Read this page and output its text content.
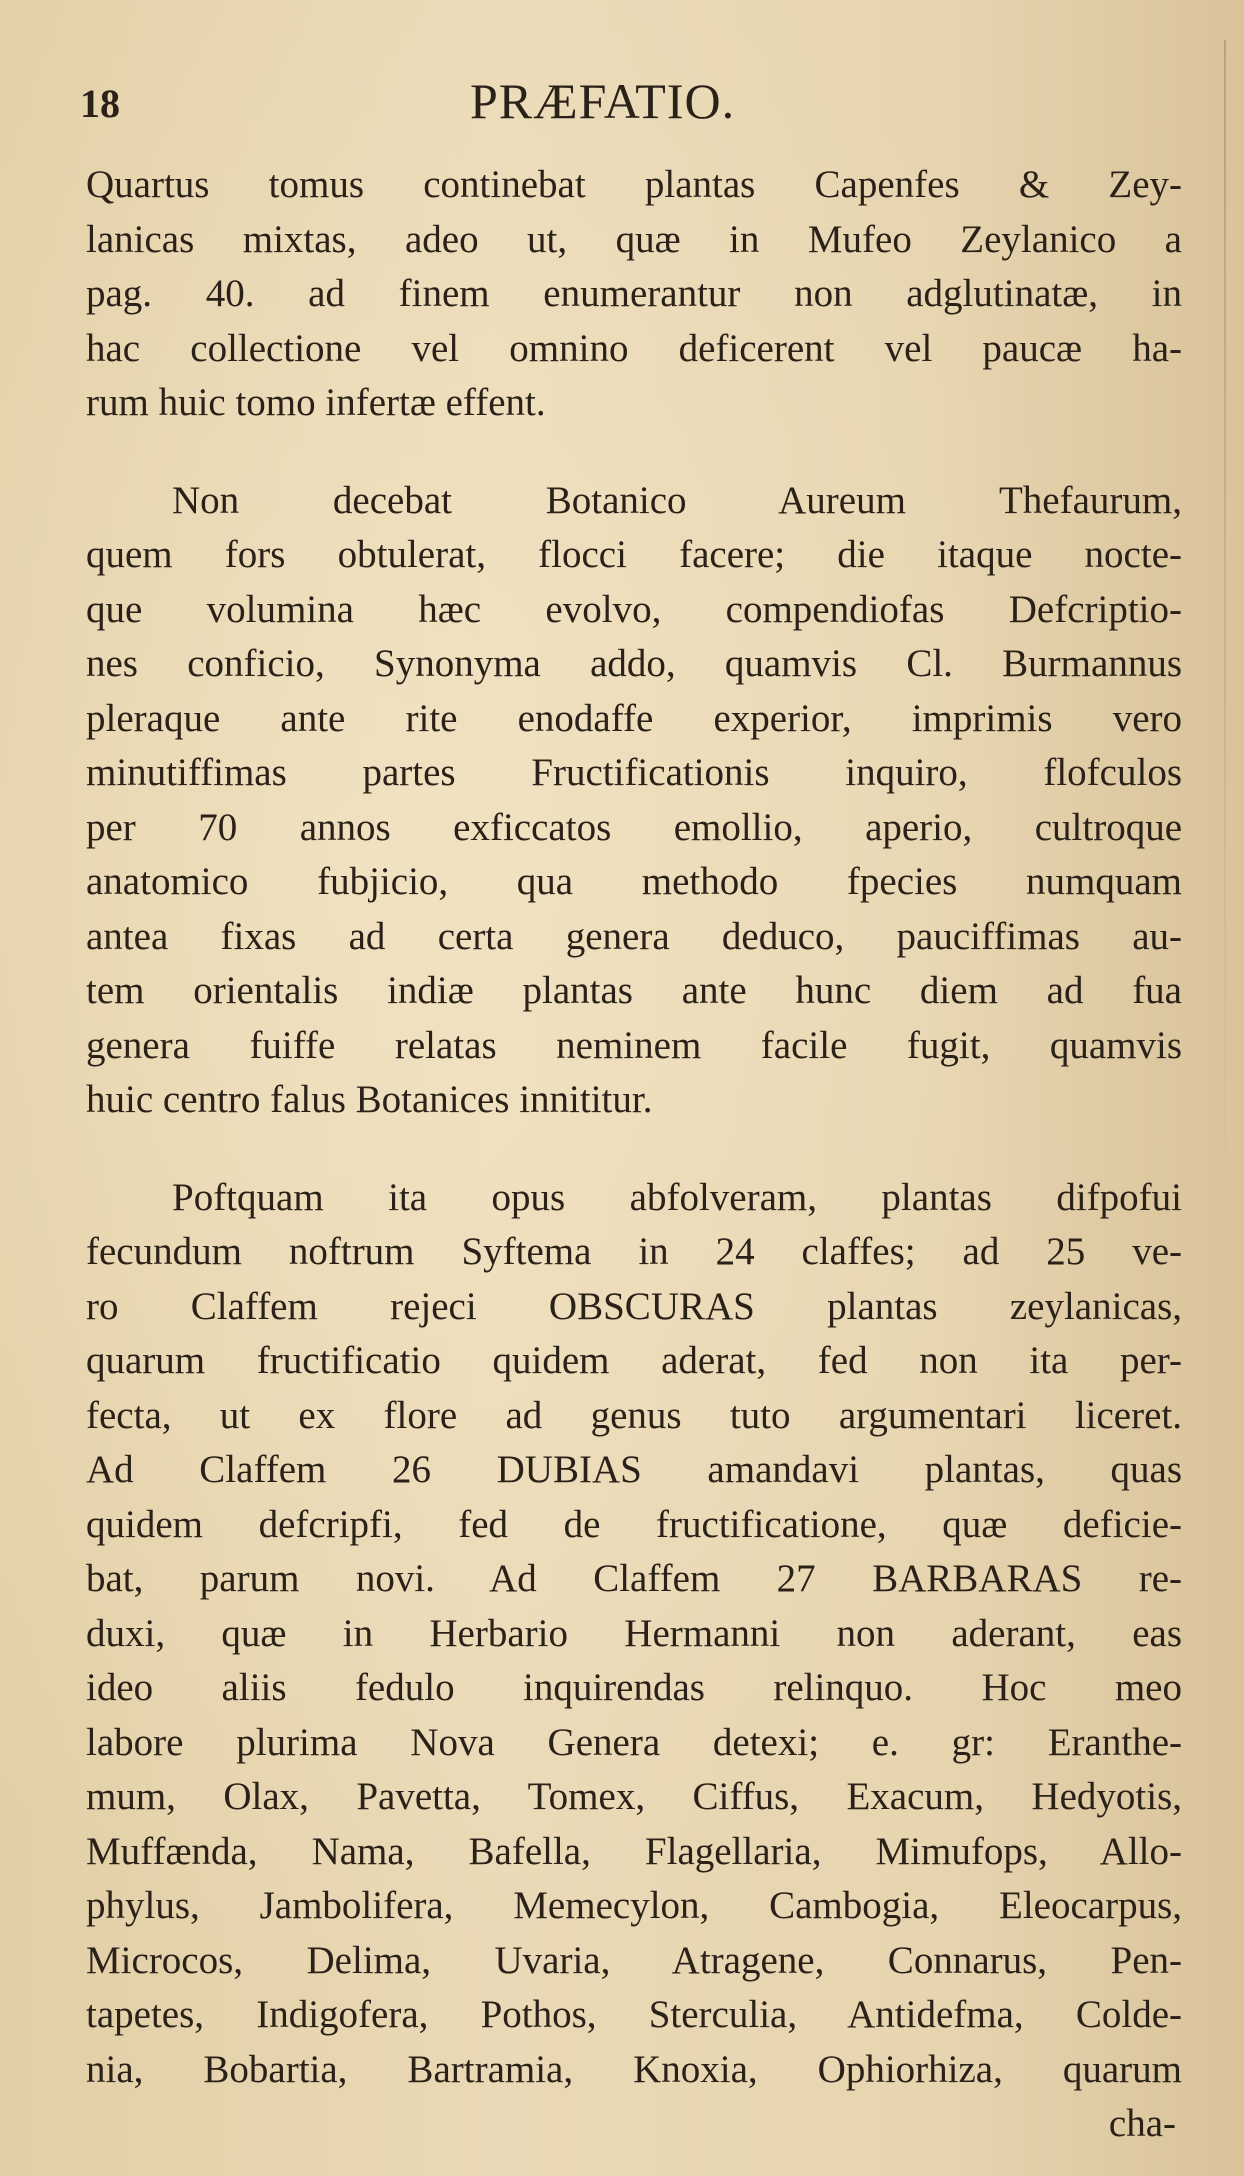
18	PRÆFATIO.
Quartus tomus continebat plantas Capenfes & Zey-
lanicas mixtas, adeo ut, quæ in Mufeo Zeylanico a
pag. 40. ad finem enumerantur non adglutinatæ, in
hac collectione vel omnino deficerent vel paucæ ha-
rum huic tomo infertæ effent.
Non decebat Botanico Aureum Thefaurum,
quem fors obtulerat, flocci facere; die itaque nocte-
que volumina hæc evolvo, compendiofas Defcriptio-
nes conficio, Synonyma addo, quamvis Cl. Burmannus
pleraque ante rite enodaffe experior, imprimis vero
minutiffimas partes Fructificationis inquiro, flofculos
per 70 annos exficcatos emollio, aperio, cultroque
anatomico fubjicio, qua methodo fpecies numquam
antea fixas ad certa genera deduco, pauciffimas au-
tem orientalis indiæ plantas ante hunc diem ad fua
genera fuiffe relatas neminem facile fugit, quamvis
huic centro falus Botanices innititur.
Poftquam ita opus abfolveram, plantas difpofui
fecundum noftrum Syftema in 24 claffes; ad 25 ve-
ro Claffem rejeci OBSCURAS plantas zeylanicas,
quarum fructificatio quidem aderat, fed non ita per-
fecta, ut ex flore ad genus tuto argumentari liceret.
Ad Claffem 26 DUBIAS amandavi plantas, quas
quidem defcripfi, fed de fructificatione, quæ deficie-
bat, parum novi. Ad Claffem 27 BARBARAS re-
duxi, quæ in Herbario Hermanni non aderant, eas
ideo aliis fedulo inquirendas relinquo. Hoc meo
labore plurima Nova Genera detexi; e. gr: Eranthe-
mum, Olax, Pavetta, Tomex, Ciffus, Exacum, Hedyotis,
Muffænda, Nama, Bafella, Flagellaria, Mimufops, Allo-
phylus, Jambolifera, Memecylon, Cambogia, Eleocarpus,
Microcos, Delima, Uvaria, Atragene, Connarus, Pen-
tapetes, Indigofera, Pothos, Sterculia, Antidefma, Colde-
nia, Bobartia, Bartramia, Knoxia, Ophiorhiza, quarum
cha-
